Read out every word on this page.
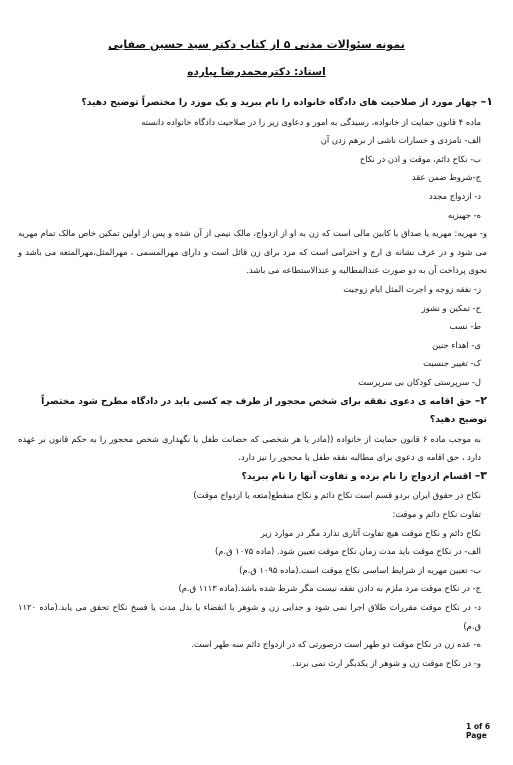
نمونه سئوالات مدنی ۵ از کتاب دکتر سید حسین صفایی
استاد: دکترمحمدرضا پیارده
۱– چهار مورد از صلاحیت های دادگاه خانواده را نام ببرید و یک مورد را مختصراً توضیح دهید؟
ماده ۴ قانون حمایت از خانواده، رسیدگی به امور و دعاوی زیر را در صلاحیت دادگاه خانواده دانسته
الف- نامزدی و خسارات ناشی از برهم زدن آن
ب- نکاح دائم، موقت و اذن در نکاح
ج-شروط ضمن عقد
د- ازدواج مجدد
ه- جهیزیه
و- مهریه: مهریه یا صداق یا کابین مالی است که زن به او از ازدواج، مالک نیمی از آن شده و پس از اولین تمکین خاص مالک تمام مهریه می شود و در عرف نشانه ی ارج و احترامی است که مرد برای زن قائل است و دارای مهرالمسمی ، مهرالمثل،مهرالمتعه می باشد و نحوی پرداخت آن به دو صورت عندالمطالبه و عندالاستطاعه می باشد.
ز- نفقه زوجه و اجرت المثل ایام زوجیت
ح- تمکین و نشوز
ط- نسب
ی- اهداء جنین
ک- تغییر جنسیت
ل- سرپرستی کودکان بی سرپرست
۲– حق اقامه ی دعوی نفقه برای شخص محجور از طرف چه کسی باید در دادگاه مطرح شود مختصراً توضیح دهید؟
به موجب ماده ۶ قانون حمایت از خانواده ((مادر یا هر شخصی که حضانت طفل یا نگهداری شخص محجور را به حکم قانون بر عهده دارد ، حق اقامه ی دعوی برای مطالبه نفقه طفل یا محجور را نیز دارد.
۳– اقسام ازدواج را نام برده و تفاوت آنها را نام ببرید؟
نکاح در حقوق ایران بردو قسم است نکاح دائم و نکاح منقطع(متعه یا ازدواج موقت)
تفاوت نکاح دائم و موقت:
نکاح دائم و نکاح موقت هیچ تفاوت آثاری ندارد مگر در موارد زیر
الف- در نکاح موقت باید مدت زمان نکاح موقت تعیین شود. (ماده ۱۰۷۵ ق.م)
ب- تعیین مهریه از شرایط اساسی نکاح موقت است.(ماده ۱۰۹۵ ق.م)
ج- در نکاح موقت مرد ملزم به دادن نفقه نیست مگر شرط شده باشد.(ماده ۱۱۱۳ ق.م)
د- در نکاح موقت مقررات طلاق اجرا نمی شود و جدایی زن و شوهر با انقضاء یا بذل مدت یا فسخ نکاح تحقق می یابد.(ماده ۱۱۲۰ ق.م)
ه- عده زن در نکاح موقت دو طهر است درصورتی که در ازدواج دائم سه طهر است.
و- در نکاح موقت زن و شوهر از یکدیگر ارث نمی برند.
1 of 6 Page
